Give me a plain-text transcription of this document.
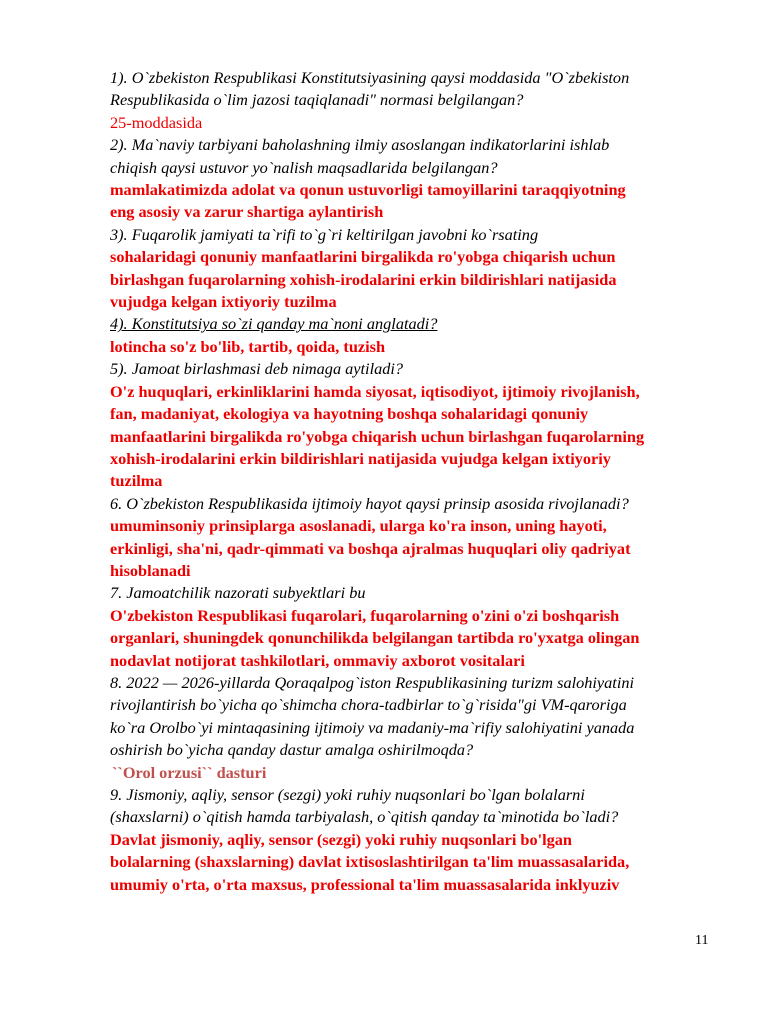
1). O`zbekiston Respublikasi Konstitutsiyasining qaysi moddasida "O`zbekiston
Respublikasida o`lim jazosi taqiqlanadi" normasi belgilangan?
25-moddasida
2). Ma`naviy tarbiyani baholashning ilmiy asoslangan indikatorlarini ishlab
chiqish qaysi ustuvor yo`nalish maqsadlarida belgilangan?
mamlakatimizda adolat va qonun ustuvorligi tamoyillarini taraqqiyotning
eng asosiy va zarur shartiga aylantirish
3). Fuqarolik jamiyati ta`rifi to`g`ri keltirilgan javobni ko`rsating
sohalaridagi qonuniy manfaatlarini birgalikda ro'yobga chiqarish uchun
birlashgan fuqarolarning xohish-irodalarini erkin bildirishlari natijasida
vujudga kelgan ixtiyoriy tuzilma
4). Konstitutsiya so`zi qanday ma`noni anglatadi?
lotincha so'z bo'lib, tartib, qoida, tuzish
5). Jamoat birlashmasi deb nimaga aytiladi?
O'z huquqlari, erkinliklarini hamda siyosat, iqtisodiyot, ijtimoiy rivojlanish,
fan, madaniyat, ekologiya va hayotning boshqa sohalaridagi qonuniy
manfaatlarini birgalikda ro'yobga chiqarish uchun birlashgan fuqarolarning
xohish-irodalarini erkin bildirishlari natijasida vujudga kelgan ixtiyoriy
tuzilma
6. O`zbekiston Respublikasida ijtimoiy hayot qaysi prinsip asosida rivojlanadi?
umuminsoniy prinsiplarga asoslanadi, ularga ko'ra inson, uning hayoti,
erkinligi, sha'ni, qadr-qimmati va boshqa ajralmas huquqlari oliy qadriyat
hisoblanadi
7. Jamoatchilik nazorati subyektlari bu
O'zbekiston Respublikasi fuqarolari, fuqarolarning o'zini o'zi boshqarish
organlari, shuningdek qonunchilikda belgilangan tartibda ro'yxatga olingan
nodavlat notijorat tashkilotlari, ommaviy axborot vositalari
8. 2022 — 2026-yillarda Qoraqalpog`iston Respublikasining turizm salohiyatini
rivojlantirish bo`yicha qo`shimcha chora-tadbirlar to`g`risida"gi VM-qaroriga
ko`ra Orolbo`yi mintaqasining ijtimoiy va madaniy-ma`rifiy salohiyatini yanada
oshirish bo`yicha qanday dastur amalga oshirilmoqda?
``Orol orzusi`` dasturi
9. Jismoniy, aqliy, sensor (sezgi) yoki ruhiy nuqsonlari bo`lgan bolalarni
(shaxslarni) o`qitish hamda tarbiyalash, o`qitish qanday ta`minotida bo`ladi?
Davlat jismoniy, aqliy, sensor (sezgi) yoki ruhiy nuqsonlari bo'lgan
bolalarning (shaxslarning) davlat ixtisoslashtirilgan ta'lim muassasalarida,
umumiy o'rta, o'rta maxsus, professional ta'lim muassasalarida inklyuziv
11
